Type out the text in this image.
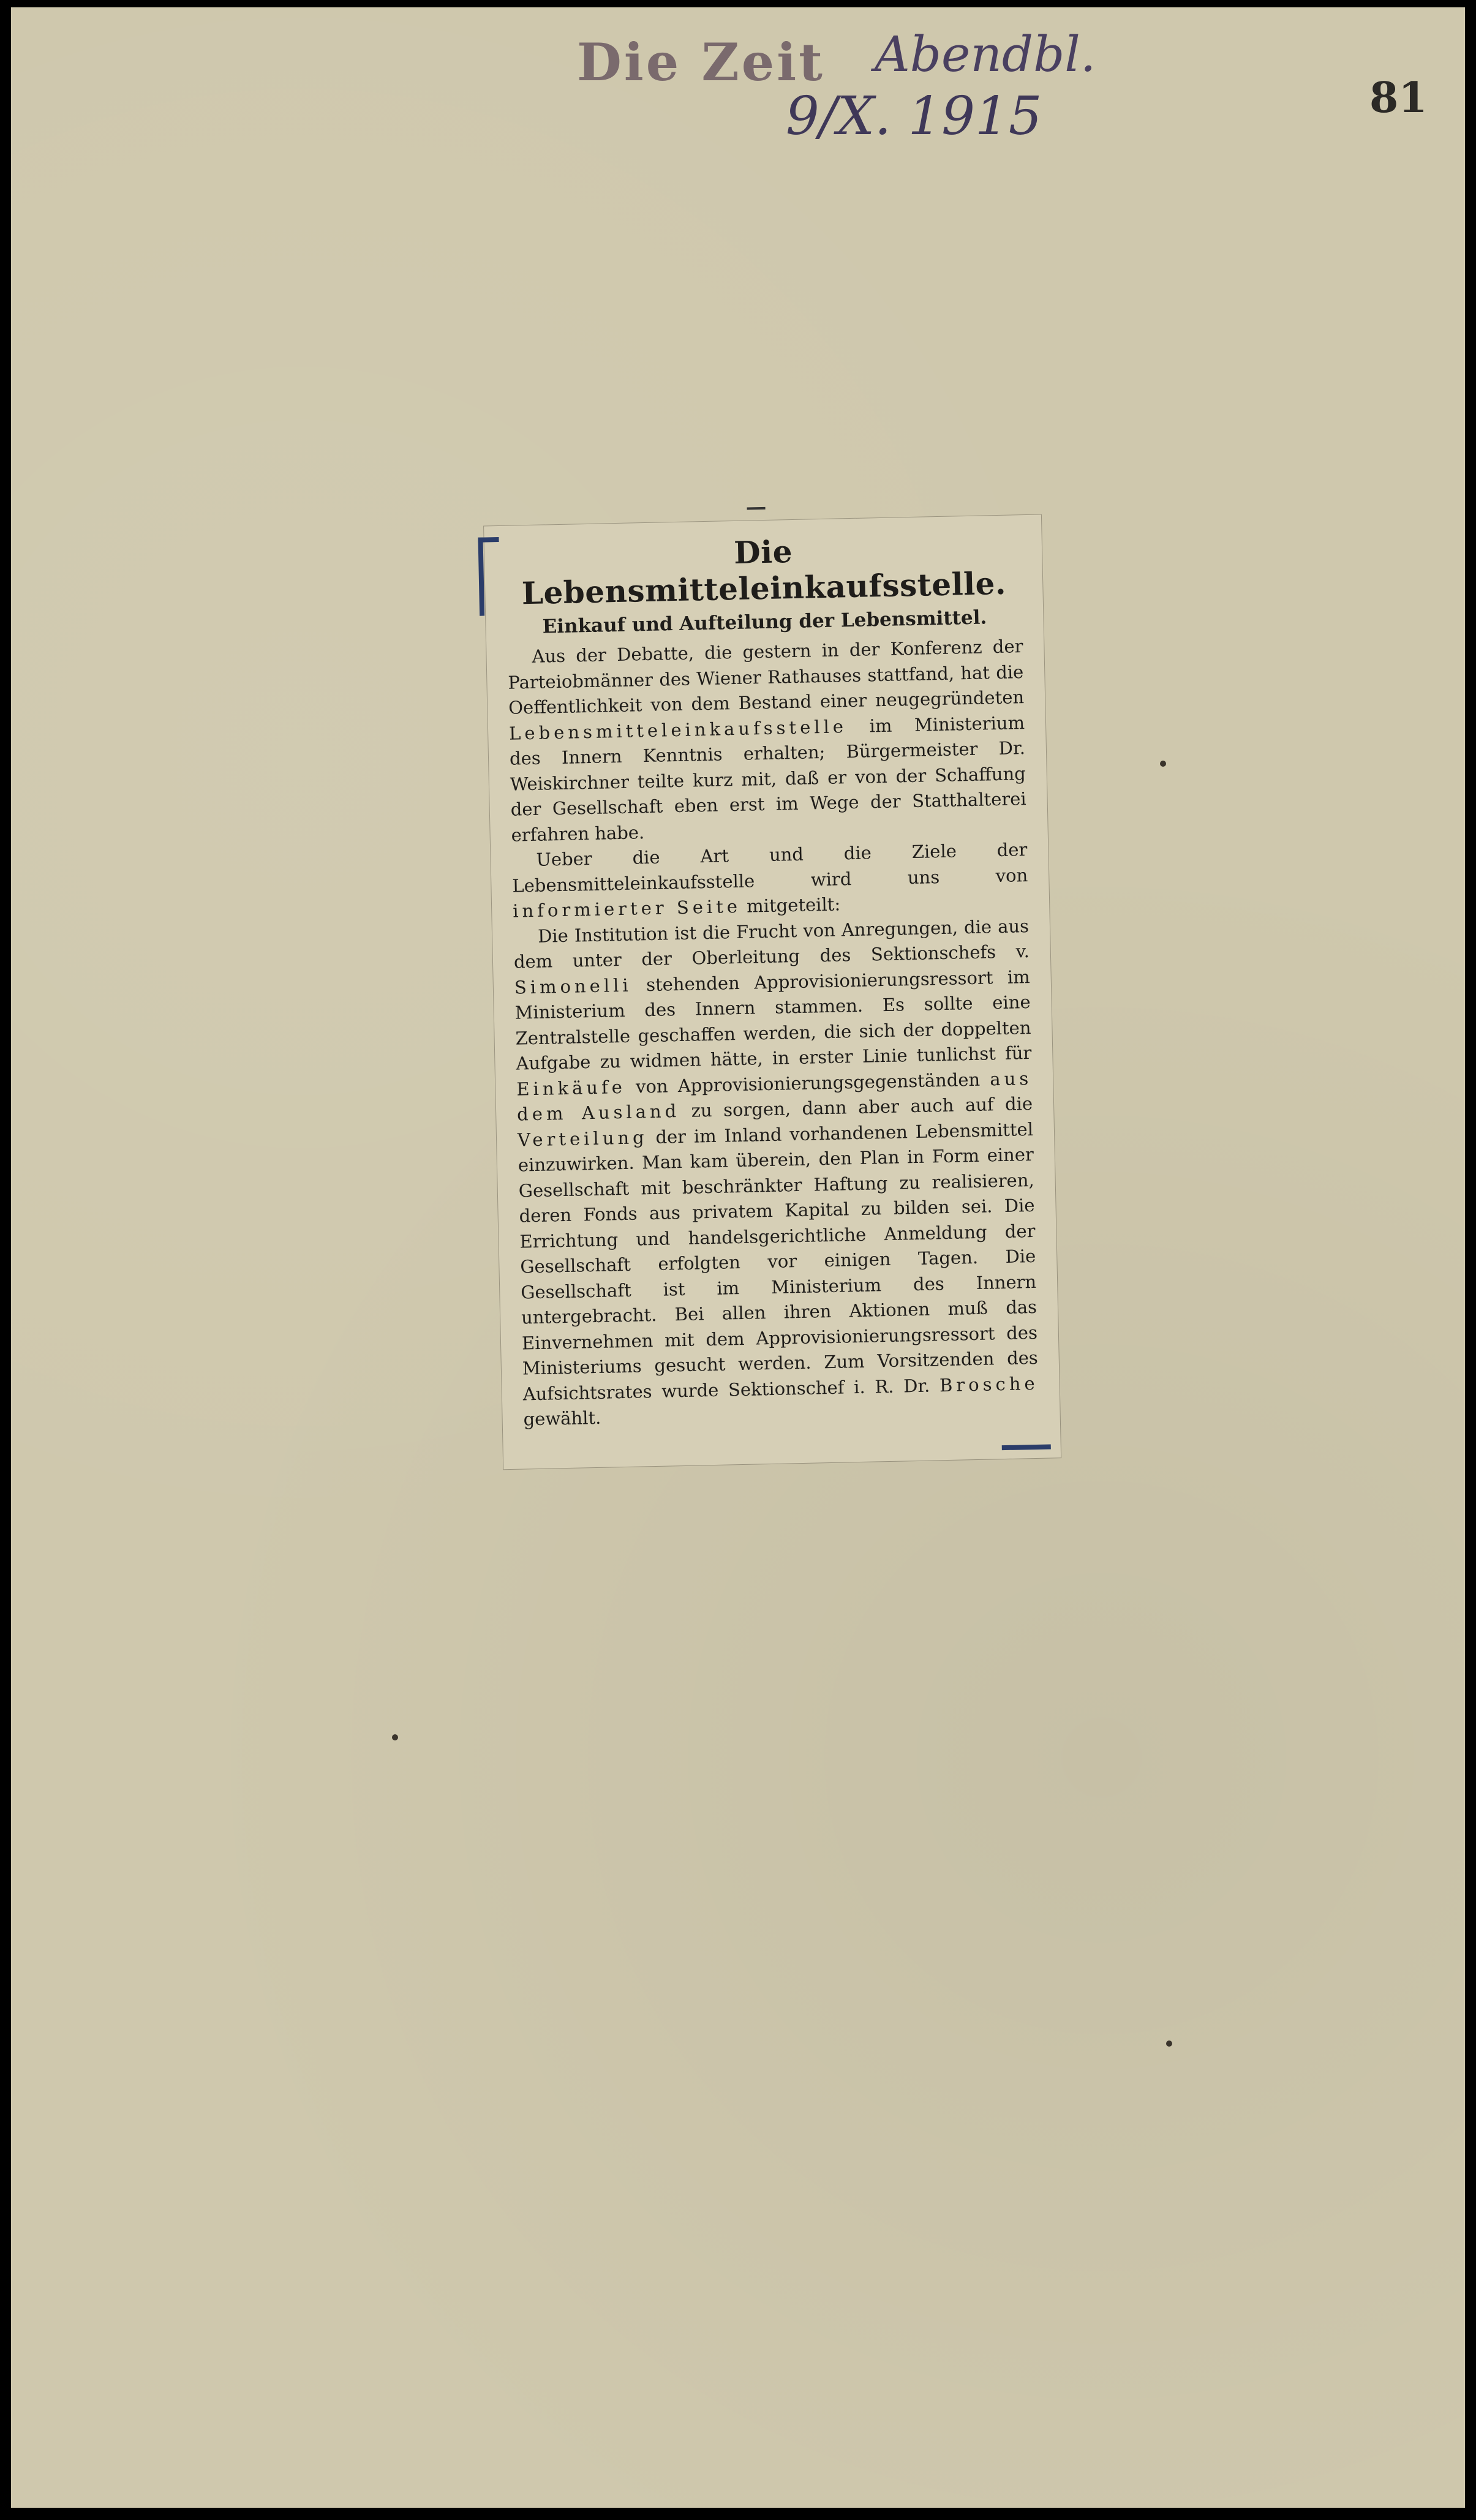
Die Zeit Abendbl.
9/X. 1915	81
Die Lebensmitteleinkaufsstelle.
Einkauf und Aufteilung der Lebensmittel.

Aus der Debatte, die gestern in der Konferenz der Parteiobmänner des Wiener Rathauses stattfand, hat die Oeffentlichkeit von dem Bestand einer neugegründeten Lebensmitteleinkaufsstelle im Ministerium des Innern Kenntnis erhalten; Bürgermeister Dr. Weiskirchner teilte kurz mit, daß er von der Schaffung der Gesellschaft eben erst im Wege der Statthalterei erfahren habe.

Ueber die Art und die Ziele der Lebensmitteleinkaufsstelle wird uns von informierter Seite mitgeteilt:

Die Institution ist die Frucht von Anregungen, die aus dem unter der Oberleitung des Sektionschefs v. Simonelli stehenden Approvisionierungsressort im Ministerium des Innern stammen. Es sollte eine Zentralstelle geschaffen werden, die sich der doppelten Aufgabe zu widmen hätte, in erster Linie tunlichst für Einkäufe von Approvisionierungsgegenständen aus dem Ausland zu sorgen, dann aber auch auf die Verteilung der im Inland vorhandenen Lebensmittel einzuwirken. Man kam überein, den Plan in Form einer Gesellschaft mit beschränkter Haftung zu realisieren, deren Fonds aus privatem Kapital zu bilden sei. Die Errichtung und handelsgerichtliche Anmeldung der Gesellschaft erfolgten vor einigen Tagen. Die Gesellschaft ist im Ministerium des Innern untergebracht. Bei allen ihren Aktionen muß das Einvernehmen mit dem Approvisionierungsressort des Ministeriums gesucht werden. Zum Vorsitzenden des Aufsichtsrates wurde Sektionschef i. R. Dr. Brosche gewählt.
